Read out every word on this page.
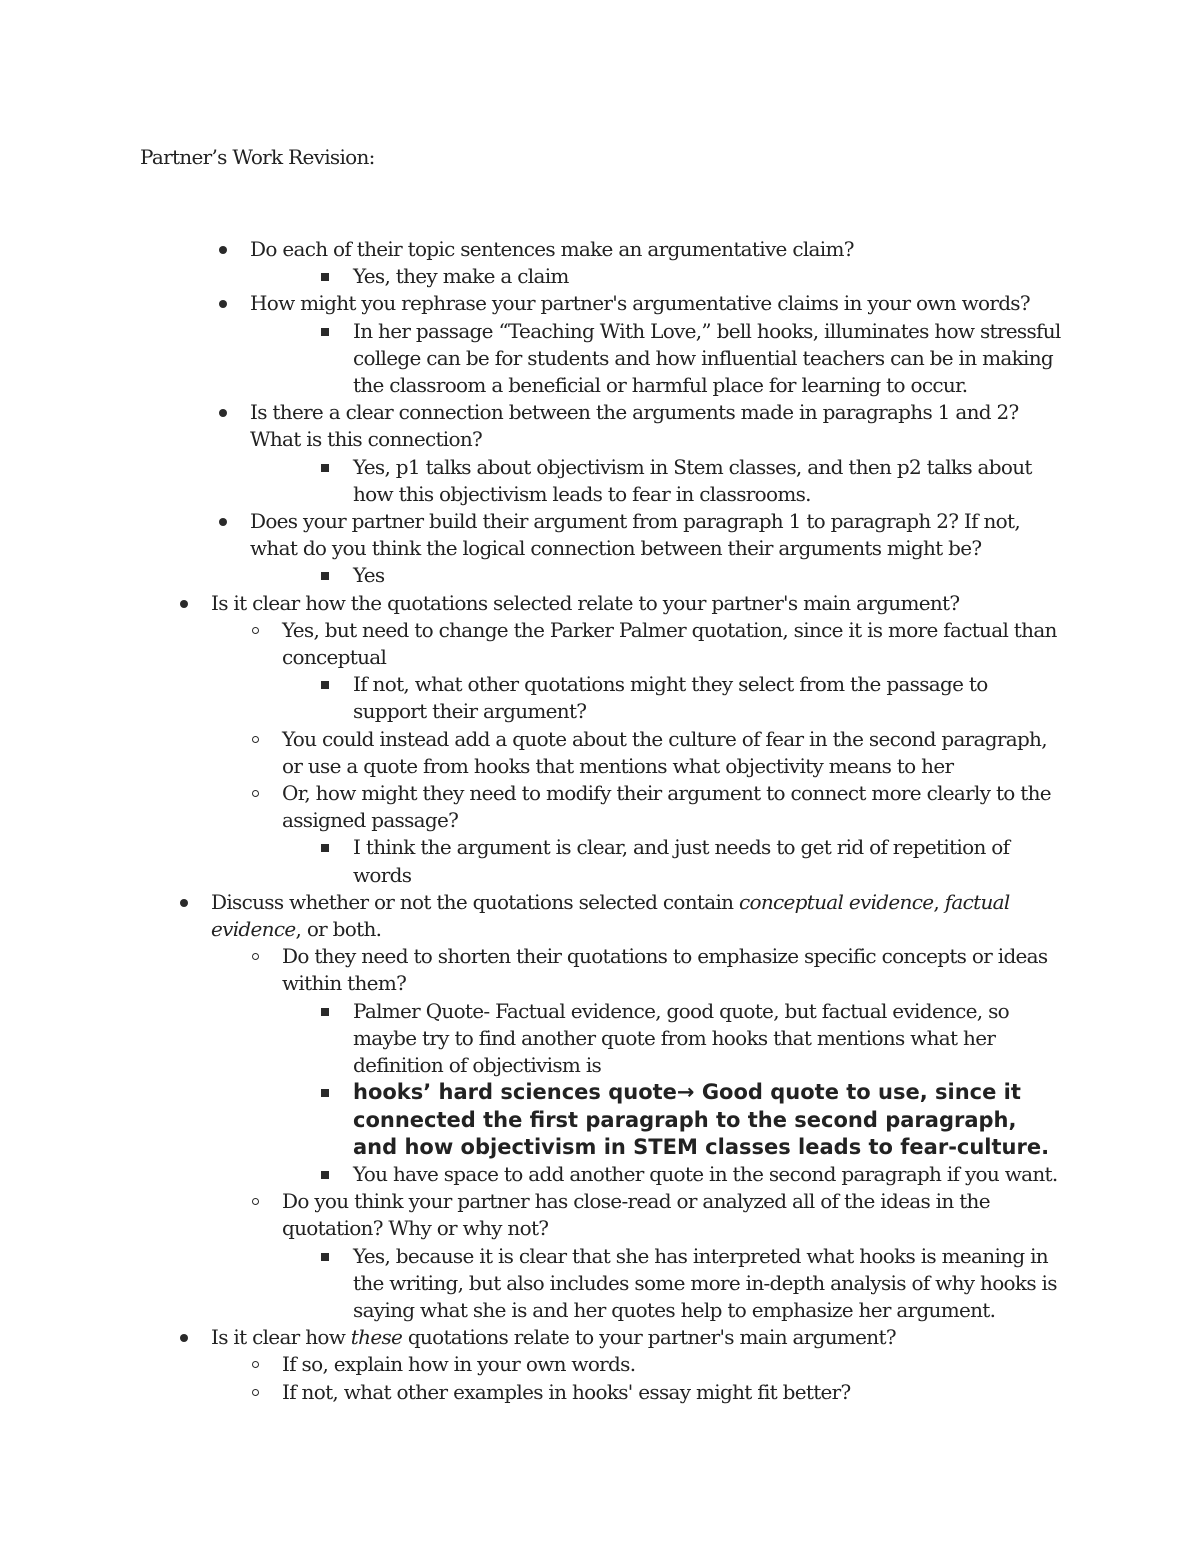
Partner’s Work Revision:
Do each of their topic sentences make an argumentative claim?
Yes, they make a claim
How might you rephrase your partner's argumentative claims in your own words?
In her passage “Teaching With Love,” bell hooks, illuminates how stressful college can be for students and how influential teachers can be in making the classroom a beneficial or harmful place for learning to occur.
Is there a clear connection between the arguments made in paragraphs 1 and 2? What is this connection?
Yes, p1 talks about objectivism in Stem classes, and then p2 talks about how this objectivism leads to fear in classrooms.
Does your partner build their argument from paragraph 1 to paragraph 2? If not, what do you think the logical connection between their arguments might be?
Yes
Is it clear how the quotations selected relate to your partner's main argument?
Yes, but need to change the Parker Palmer quotation, since it is more factual than conceptual
If not, what other quotations might they select from the passage to support their argument?
You could instead add a quote about the culture of fear in the second paragraph, or use a quote from hooks that mentions what objectivity means to her
Or, how might they need to modify their argument to connect more clearly to the assigned passage?
I think the argument is clear, and just needs to get rid of repetition of words
Discuss whether or not the quotations selected contain conceptual evidence, factual evidence, or both.
Do they need to shorten their quotations to emphasize specific concepts or ideas within them?
Palmer Quote- Factual evidence, good quote, but factual evidence, so maybe try to find another quote from hooks that mentions what her definition of objectivism is
hooks’ hard sciences quote→ Good quote to use, since it connected the first paragraph to the second paragraph, and how objectivism in STEM classes leads to fear-culture.
You have space to add another quote in the second paragraph if you want.
Do you think your partner has close-read or analyzed all of the ideas in the quotation? Why or why not?
Yes, because it is clear that she has interpreted what hooks is meaning in the writing, but also includes some more in-depth analysis of why hooks is saying what she is and her quotes help to emphasize her argument.
Is it clear how these quotations relate to your partner's main argument?
If so, explain how in your own words.
If not, what other examples in hooks' essay might fit better?
